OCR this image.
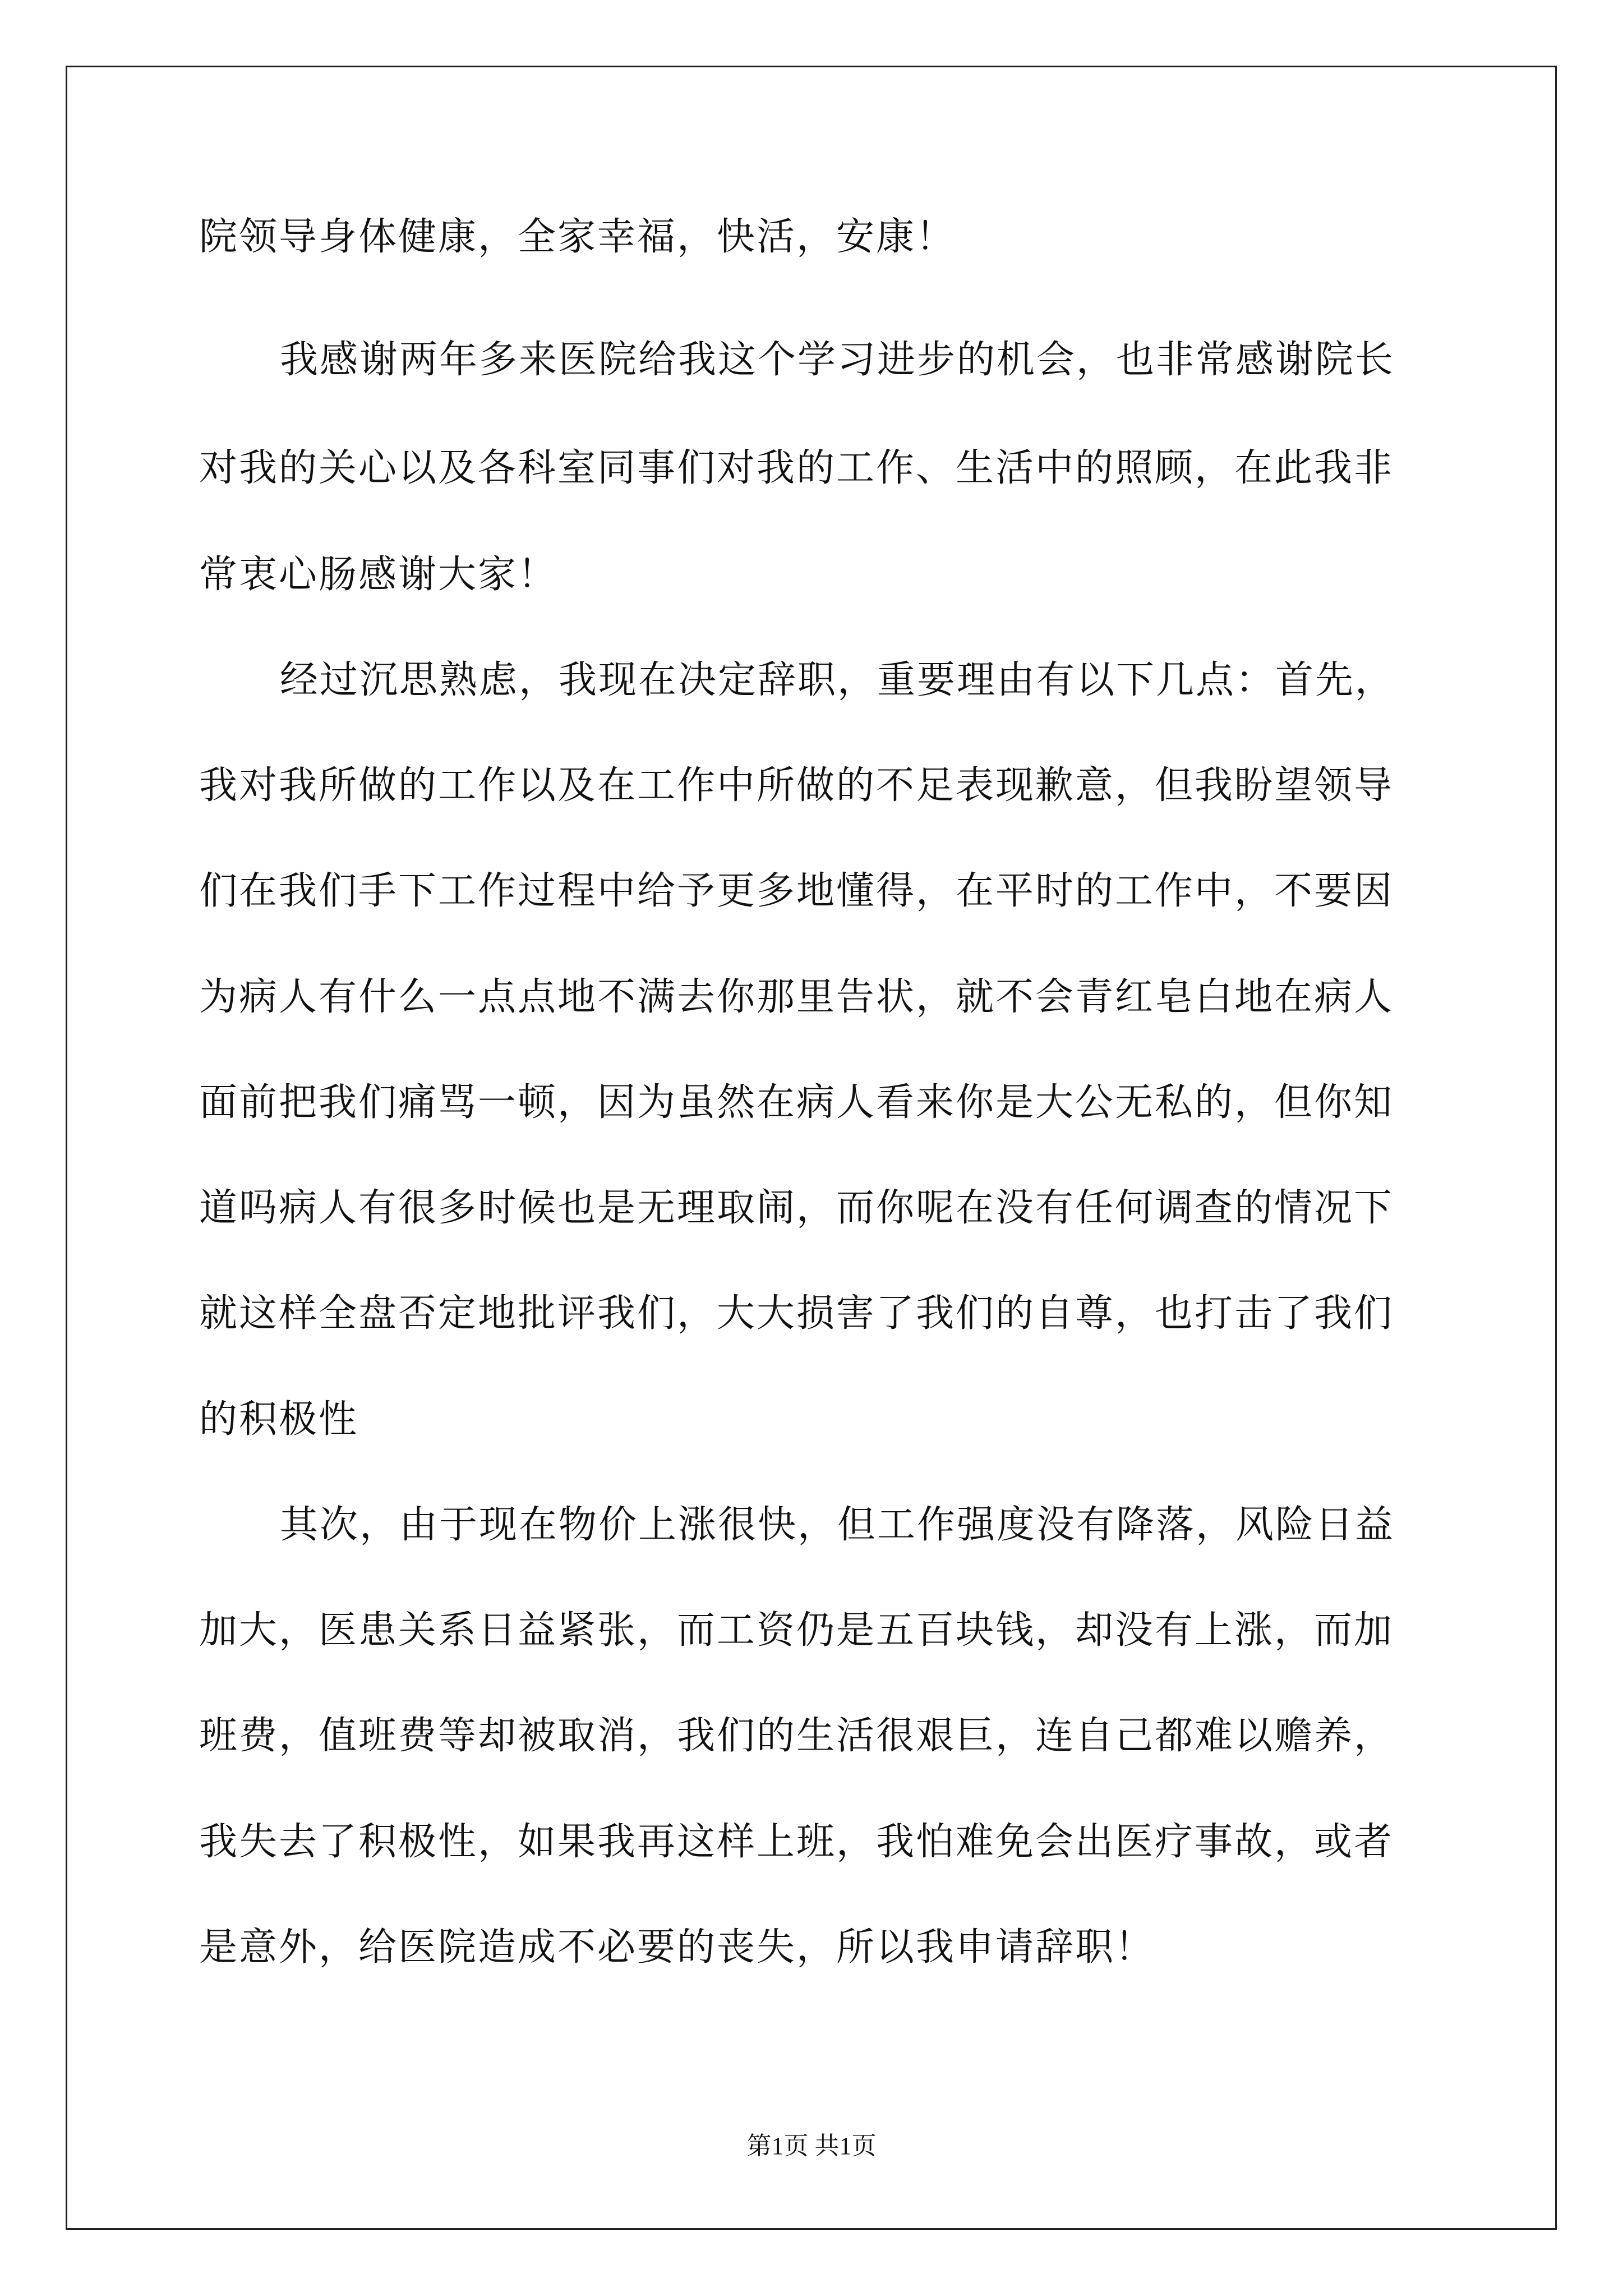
院领导身体健康，全家幸福，快活，安康！
我感谢两年多来医院给我这个学习进步的机会，也非常感谢院长
对我的关心以及各科室同事们对我的工作、生活中的照顾，在此我非
常衷心肠感谢大家！
经过沉思熟虑，我现在决定辞职，重要理由有以下几点：首先，
我对我所做的工作以及在工作中所做的不足表现歉意，但我盼望领导
们在我们手下工作过程中给予更多地懂得，在平时的工作中，不要因
为病人有什么一点点地不满去你那里告状，就不会青红皂白地在病人
面前把我们痛骂一顿，因为虽然在病人看来你是大公无私的，但你知
道吗病人有很多时候也是无理取闹，而你呢在没有任何调查的情况下
就这样全盘否定地批评我们，大大损害了我们的自尊，也打击了我们
的积极性
其次，由于现在物价上涨很快，但工作强度没有降落，风险日益
加大，医患关系日益紧张，而工资仍是五百块钱，却没有上涨，而加
班费，值班费等却被取消，我们的生活很艰巨，连自己都难以赡养，
我失去了积极性，如果我再这样上班，我怕难免会出医疗事故，或者
是意外，给医院造成不必要的丧失，所以我申请辞职！
第1页 共1页
